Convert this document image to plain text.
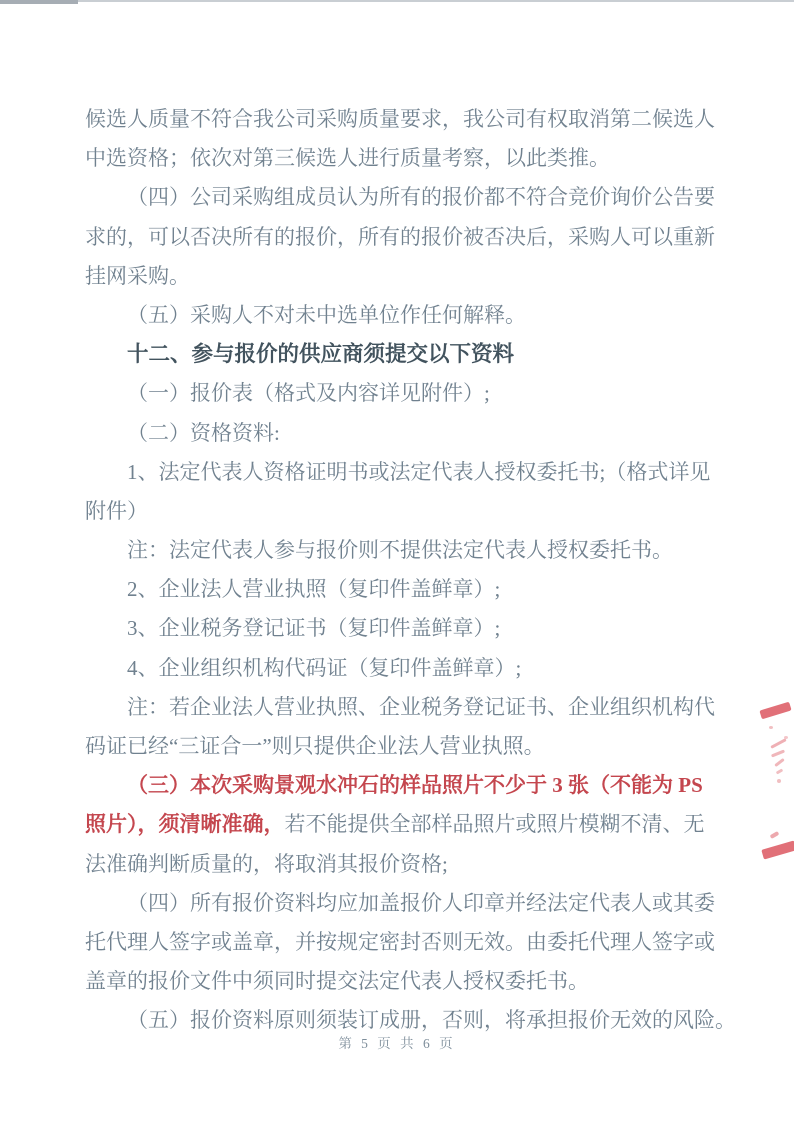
候选人质量不符合我公司采购质量要求，我公司有权取消第二候选人
中选资格；依次对第三候选人进行质量考察，以此类推。
（四）公司采购组成员认为所有的报价都不符合竞价询价公告要
求的，可以否决所有的报价，所有的报价被否决后，采购人可以重新
挂网采购。
（五）采购人不对未中选单位作任何解释。
十二、参与报价的供应商须提交以下资料
（一）报价表（格式及内容详见附件）;
（二）资格资料:
1、法定代表人资格证明书或法定代表人授权委托书;（格式详见
附件）
注：法定代表人参与报价则不提供法定代表人授权委托书。
2、企业法人营业执照（复印件盖鲜章）;
3、企业税务登记证书（复印件盖鲜章）;
4、企业组织机构代码证（复印件盖鲜章）;
注：若企业法人营业执照、企业税务登记证书、企业组织机构代
码证已经“三证合一”则只提供企业法人营业执照。
（三）本次采购景观水冲石的样品照片不少于 3 张（不能为 PS
照片），须清晰准确，若不能提供全部样品照片或照片模糊不清、无
法准确判断质量的，将取消其报价资格;
（四）所有报价资料均应加盖报价人印章并经法定代表人或其委
托代理人签字或盖章，并按规定密封否则无效。由委托代理人签字或
盖章的报价文件中须同时提交法定代表人授权委托书。
（五）报价资料原则须装订成册，否则，将承担报价无效的风险。
第 5 页 共 6 页
